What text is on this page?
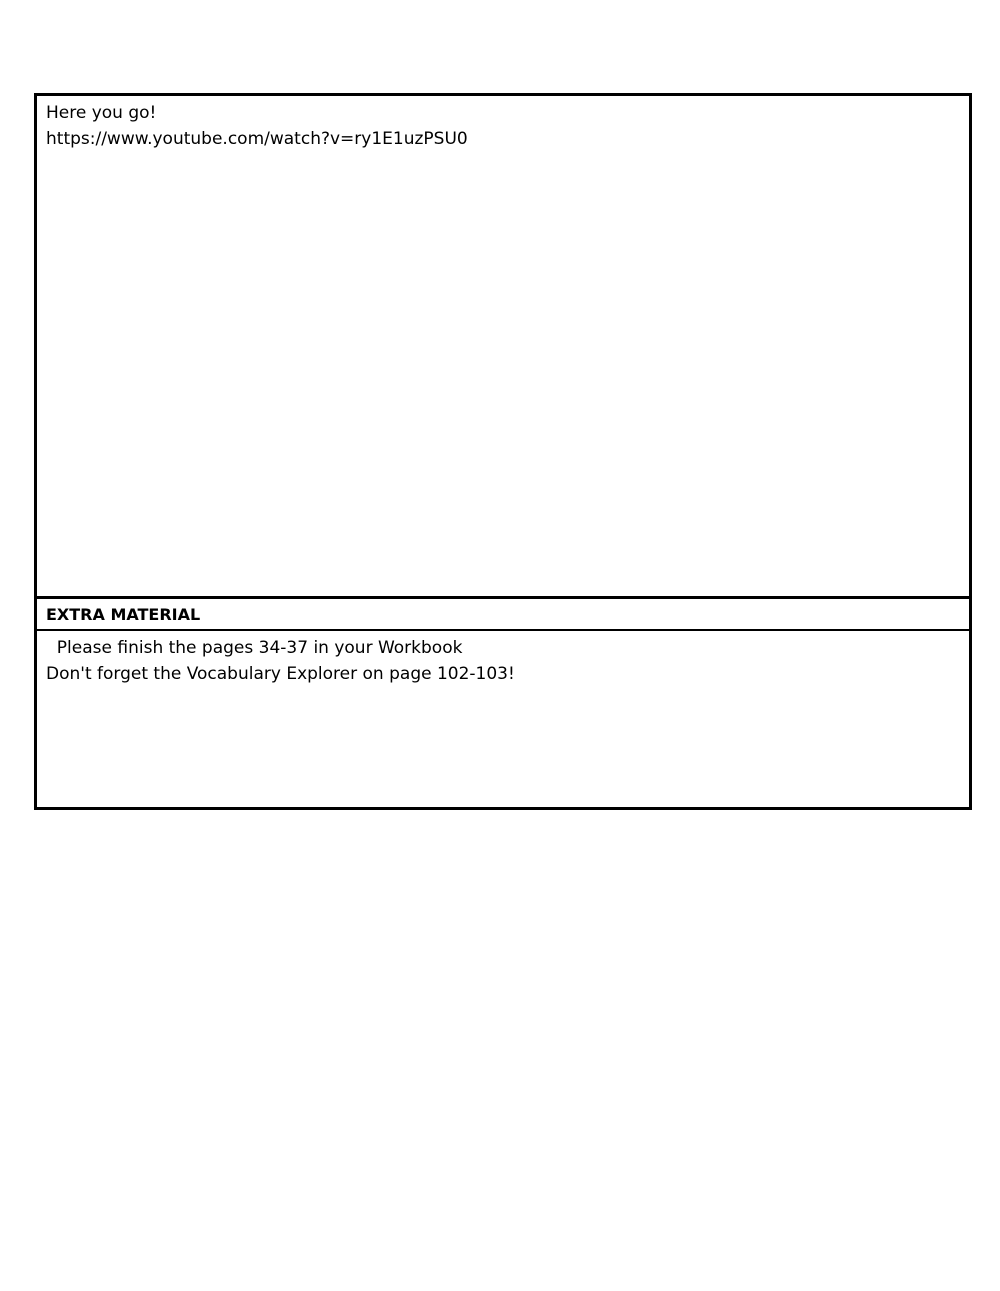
Here you go!
https://www.youtube.com/watch?v=ry1E1uzPSU0
EXTRA MATERIAL
Please finish the pages 34-37 in your Workbook
Don't forget the Vocabulary Explorer on page 102-103!
